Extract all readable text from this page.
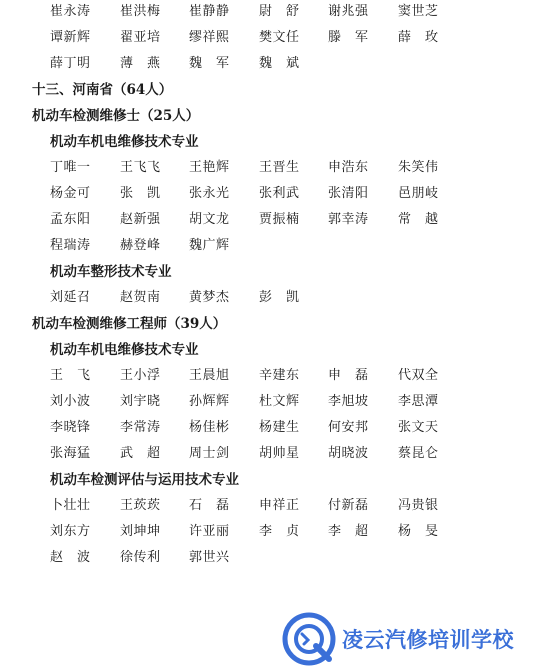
崔永涛 崔洪梅 崔静静 尉　舒 谢兆强 窦世芝
谭新辉 翟亚培 缪祥熙 樊文任 滕　军 薛　玫
薛丁明 薄　燕 魏　军 魏　斌
十三、河南省（64人）
机动车检测维修士（25人）
机动车机电维修技术专业
丁唯一 王飞飞 王艳辉 王晋生 申浩东 朱笑伟
杨金可 张　凯 张永光 张利武 张清阳 邑朋岐
孟东阳 赵新强 胡文龙 贾振楠 郭幸涛 常　越
程瑞涛 赫登峰 魏广辉
机动车整形技术专业
刘延召 赵贺南 黄梦杰 彭　凯
机动车检测维修工程师（39人）
机动车机电维修技术专业
王　飞 王小浮 王晨旭 辛建东 申　磊 代双全
刘小波 刘宇晓 孙辉辉 杜文辉 李旭坡 李思潭
李晓锋 李常涛 杨佳彬 杨建生 何安邦 张文天
张海猛 武　超 周士剑 胡帅星 胡晓波 蔡昆仑
机动车检测评估与运用技术专业
卜壮壮 王莰莰 石　磊 申祥正 付新磊 冯贵银
刘东方 刘坤坤 许亚丽 李　贞 李　超 杨　旻
赵　波 徐传利 郭世兴
凌云汽修培训学校
